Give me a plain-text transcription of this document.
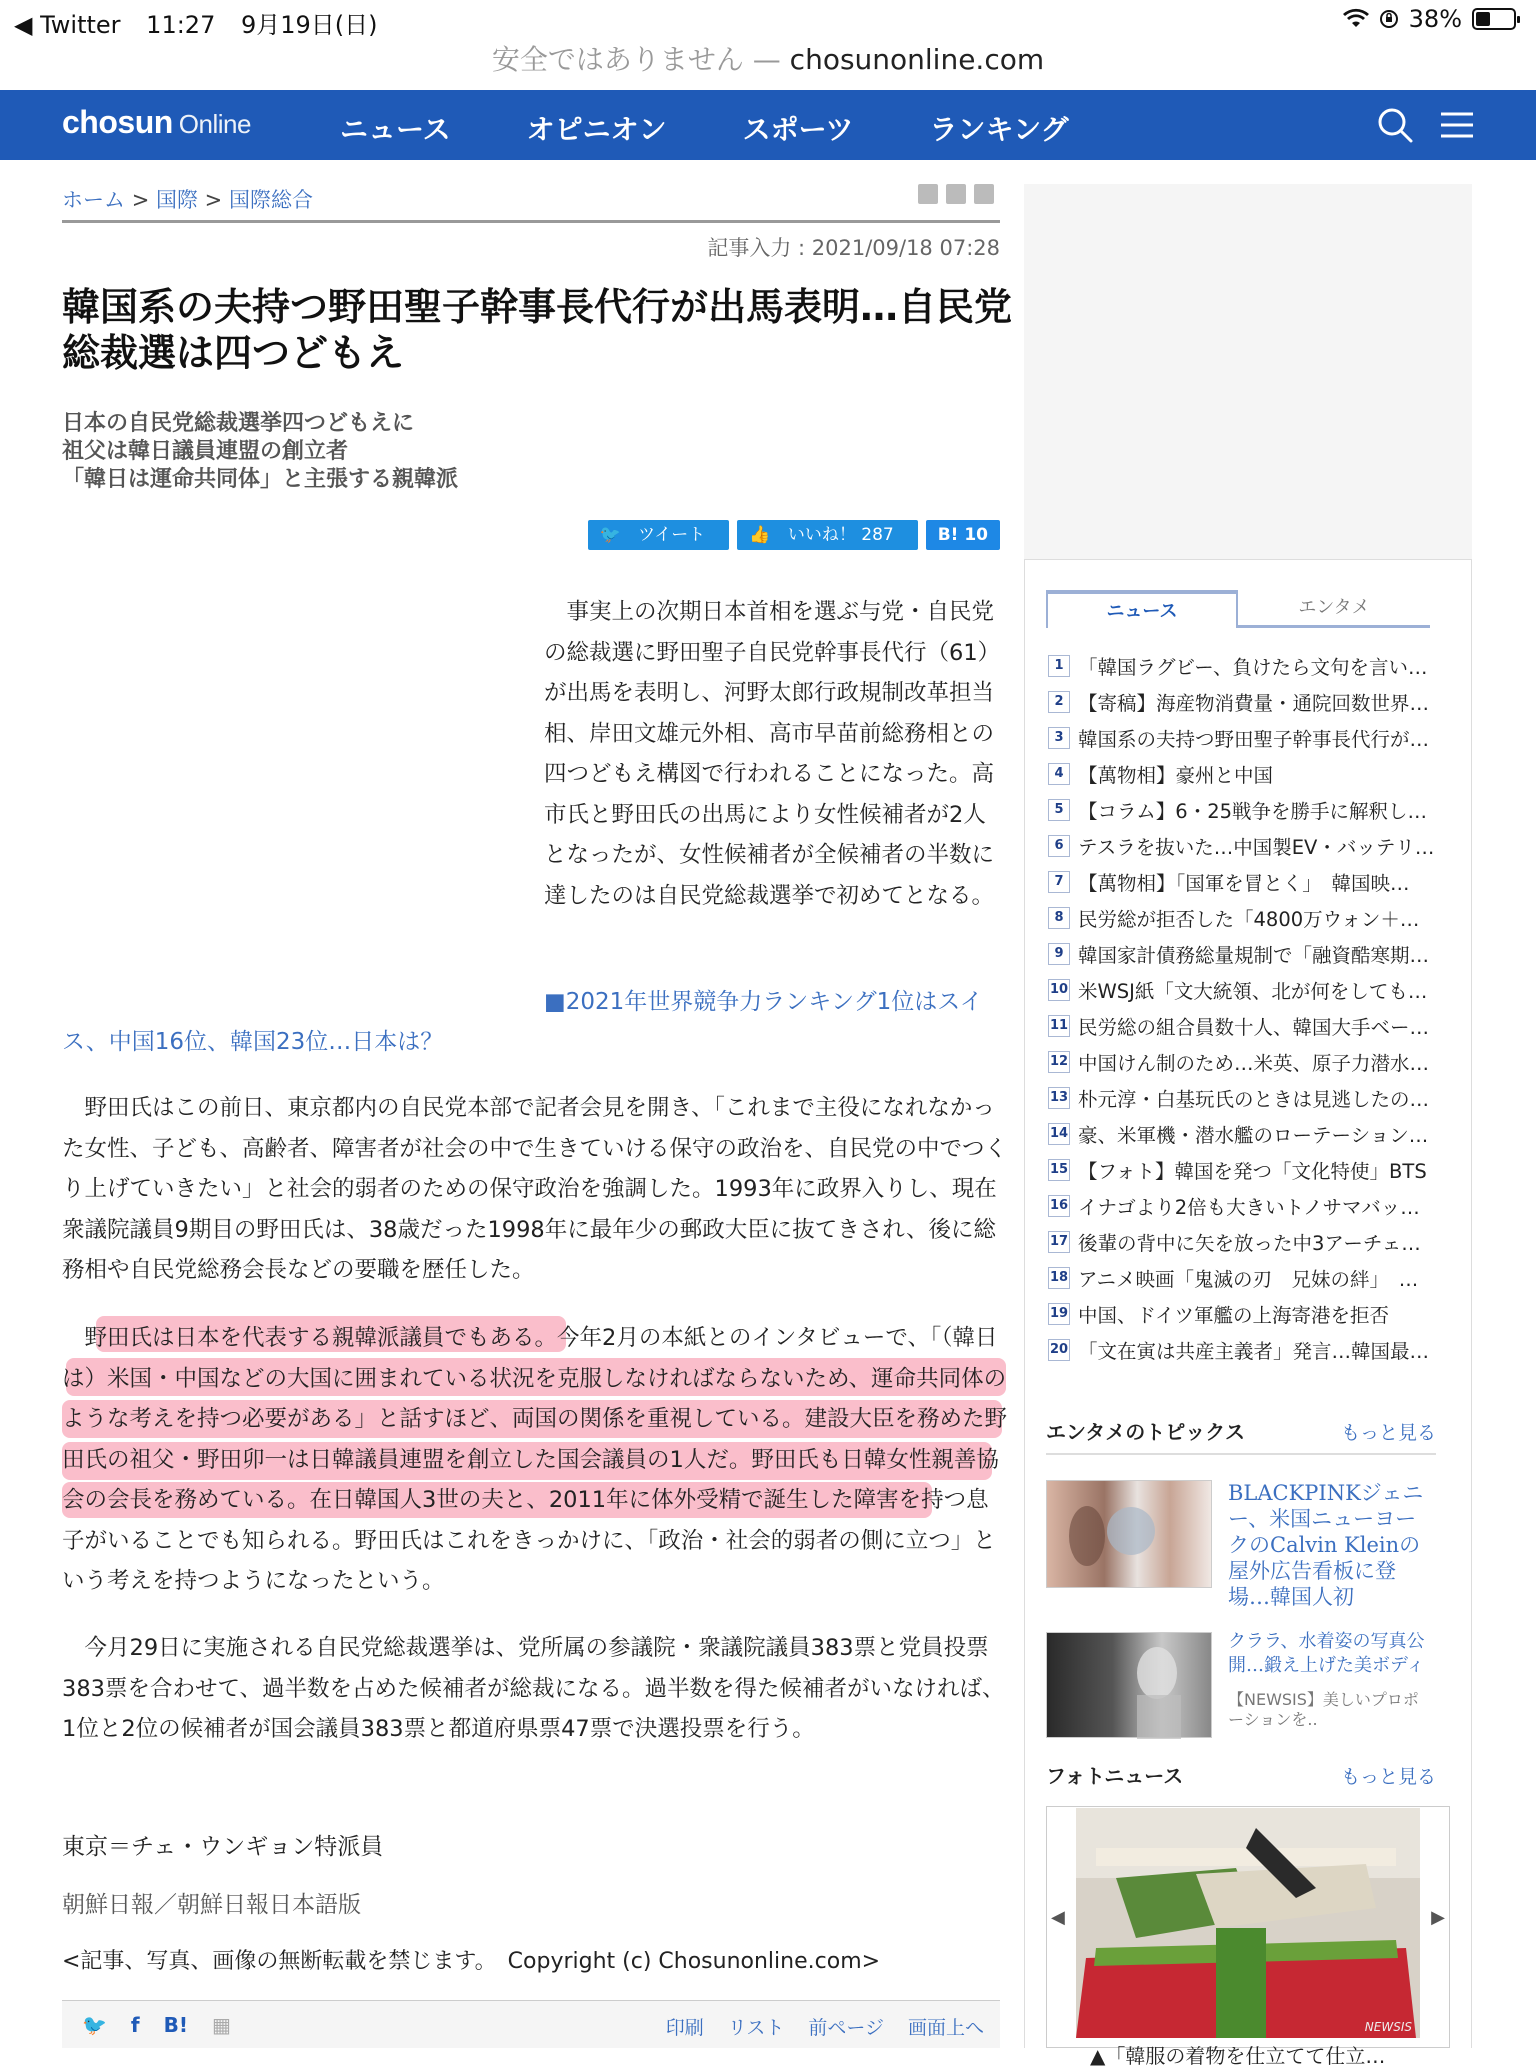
◀ Twitter 11:27 9月19日(日)	38%
安全ではありません — chosunonline.com
chosun Online	ニュース	オピニオン	スポーツ	ランキング
ホーム > 国際 > 国際総合
記事入力 : 2021/09/18 07:28
韓国系の夫持つ野田聖子幹事長代行が出馬表明…自民党総裁選は四つどもえ
日本の自民党総裁選挙四つどもえに
祖父は韓日議員連盟の創立者
「韓日は運命共同体」と主張する親韓派
🐦 ツイート	👍 いいね！ 287	B! 10

事実上の次期日本首相を選ぶ与党・自民党の総裁選に野田聖子自民党幹事長代行（61）が出馬を表明し、河野太郎行政規制改革担当相、岸田文雄元外相、高市早苗前総務相との四つどもえ構図で行われることになった。高市氏と野田氏の出馬により女性候補者が2人となったが、女性候補者が全候補者の半数に達したのは自民党総裁選挙で初めてとなる。

■2021年世界競争力ランキング1位はスイス、中国16位、韓国23位…日本は？
野田氏はこの前日、東京都内の自民党本部で記者会見を開き、「これまで主役になれなかった女性、子ども、高齢者、障害者が社会の中で生きていける保守の政治を、自民党の中でつくり上げていきたい」と社会的弱者のための保守政治を強調した。1993年に政界入りし、現在衆議院議員9期目の野田氏は、38歳だった1998年に最年少の郵政大臣に抜てきされ、後に総務相や自民党総務会長などの要職を歴任した。
野田氏は日本を代表する親韓派議員でもある。今年2月の本紙とのインタビューで、「（韓日は）米国・中国などの大国に囲まれている状況を克服しなければならないため、運命共同体のような考えを持つ必要がある」と話すほど、両国の関係を重視している。建設大臣を務めた野田氏の祖父・野田卯一は日韓議員連盟を創立した国会議員の1人だ。野田氏も日韓女性親善協会の会長を務めている。在日韓国人3世の夫と、2011年に体外受精で誕生した障害を持つ息子がいることでも知られる。野田氏はこれをきっかけに、「政治・社会的弱者の側に立つ」という考えを持つようになったという。
今月29日に実施される自民党総裁選挙は、党所属の参議院・衆議院議員383票と党員投票383票を合わせて、過半数を占めた候補者が総裁になる。過半数を得た候補者がいなければ、1位と2位の候補者が国会議員383票と都道府県票47票で決選投票を行う。
東京＝チェ・ウンギョン特派員
朝鮮日報／朝鮮日報日本語版
<記事、写真、画像の無断転載を禁じます。　Copyright (c) Chosunonline.com>
🐦 f B! ▦	印刷 リスト 前ページ 画面上へ
ニュース	エンタメ
1 「韓国ラグビー、負けたら文句を言い…
2 【寄稿】海産物消費量・通院回数世界…
3 韓国系の夫持つ野田聖子幹事長代行が…
4 【萬物相】豪州と中国
5 【コラム】6・25戦争を勝手に解釈し…
6 テスラを抜いた…中国製EV・バッテリ…
7 【萬物相】「国軍を冒とく」　韓国映…
8 民労総が拒否した「4800万ウォン＋…
9 韓国家計債務総量規制で「融資酷寒期…
10 米WSJ紙「文大統領、北が何をしても…
11 民労総の組合員数十人、韓国大手ベー…
12 中国けん制のため…米英、原子力潜水…
13 朴元淳・白基玩氏のときは見逃したの…
14 豪、米軍機・潜水艦のローテーション…
15 【フォト】韓国を発つ「文化特使」BTS
16 イナゴより2倍も大きいトノサマバッ…
17 後輩の背中に矢を放った中3アーチェ…
18 アニメ映画「鬼滅の刃　兄妹の絆」　…
19 中国、ドイツ軍艦の上海寄港を拒否
20 「文在寅は共産主義者」発言…韓国最…
エンタメのトピックス	もっと見る
BLACKPINKジェニー、米国ニューヨークのCalvin Kleinの屋外広告看板に登場…韓国人初
クララ、水着姿の写真公開…鍛え上げた美ボディ
【NEWSIS】美しいプロポーションを..
フォトニュース	もっと見る
◀	▶
NEWSIS
▲「韓服の着物を仕立てて仕立…
